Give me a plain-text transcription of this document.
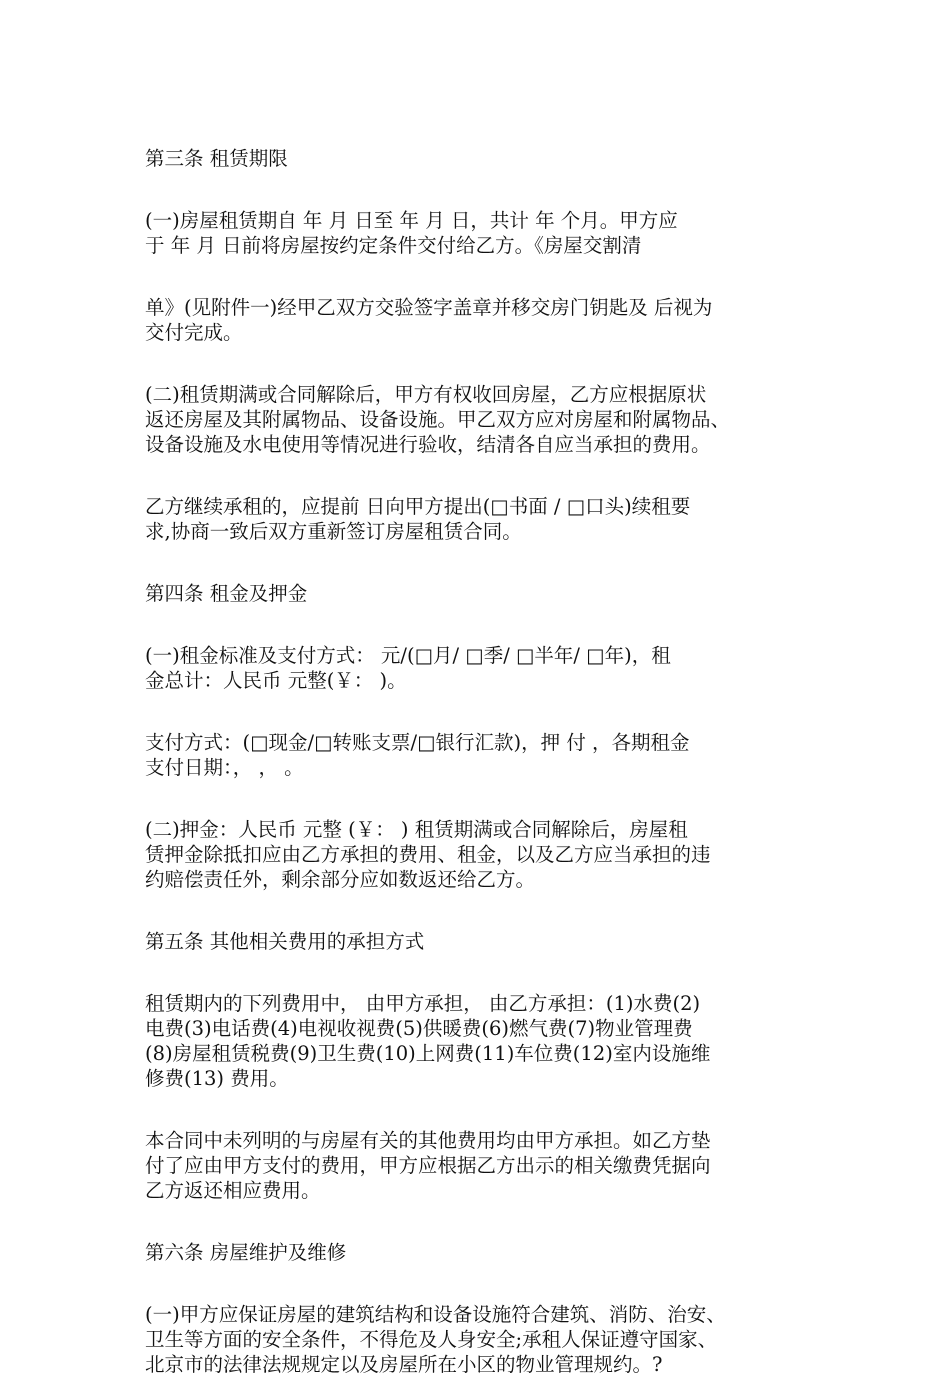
第三条 租赁期限

(一)房屋租赁期自 年 月 日至 年 月 日，共计 年 个月。甲方应
于 年 月 日前将房屋按约定条件交付给乙方。《房屋交割清

单》(见附件一)经甲乙双方交验签字盖章并移交房门钥匙及 后视为
交付完成。

(二)租赁期满或合同解除后，甲方有权收回房屋，乙方应根据原状
返还房屋及其附属物品、设备设施。甲乙双方应对房屋和附属物品、
设备设施及水电使用等情况进行验收，结清各自应当承担的费用。

乙方继续承租的，应提前 日向甲方提出(□书面 / □口头)续租要
求,协商一致后双方重新签订房屋租赁合同。

第四条 租金及押金

(一)租金标准及支付方式： 元/(□月/ □季/ □半年/ □年)，租
金总计：人民币 元整(￥： )。

支付方式：(□现金/□转账支票/□银行汇款)，押 付 ，各期租金
支付日期：， ， 。

(二)押金：人民币 元整 (￥： ) 租赁期满或合同解除后，房屋租
赁押金除抵扣应由乙方承担的费用、租金，以及乙方应当承担的违
约赔偿责任外，剩余部分应如数返还给乙方。

第五条 其他相关费用的承担方式

租赁期内的下列费用中， 由甲方承担， 由乙方承担：(1)水费(2)
电费(3)电话费(4)电视收视费(5)供暖费(6)燃气费(7)物业管理费
(8)房屋租赁税费(9)卫生费(10)上网费(11)车位费(12)室内设施维
修费(13) 费用。

本合同中未列明的与房屋有关的其他费用均由甲方承担。如乙方垫
付了应由甲方支付的费用，甲方应根据乙方出示的相关缴费凭据向
乙方返还相应费用。

第六条 房屋维护及维修

(一)甲方应保证房屋的建筑结构和设备设施符合建筑、消防、治安、
卫生等方面的安全条件，不得危及人身安全;承租人保证遵守国家、
北京市的法律法规规定以及房屋所在小区的物业管理规约。?
